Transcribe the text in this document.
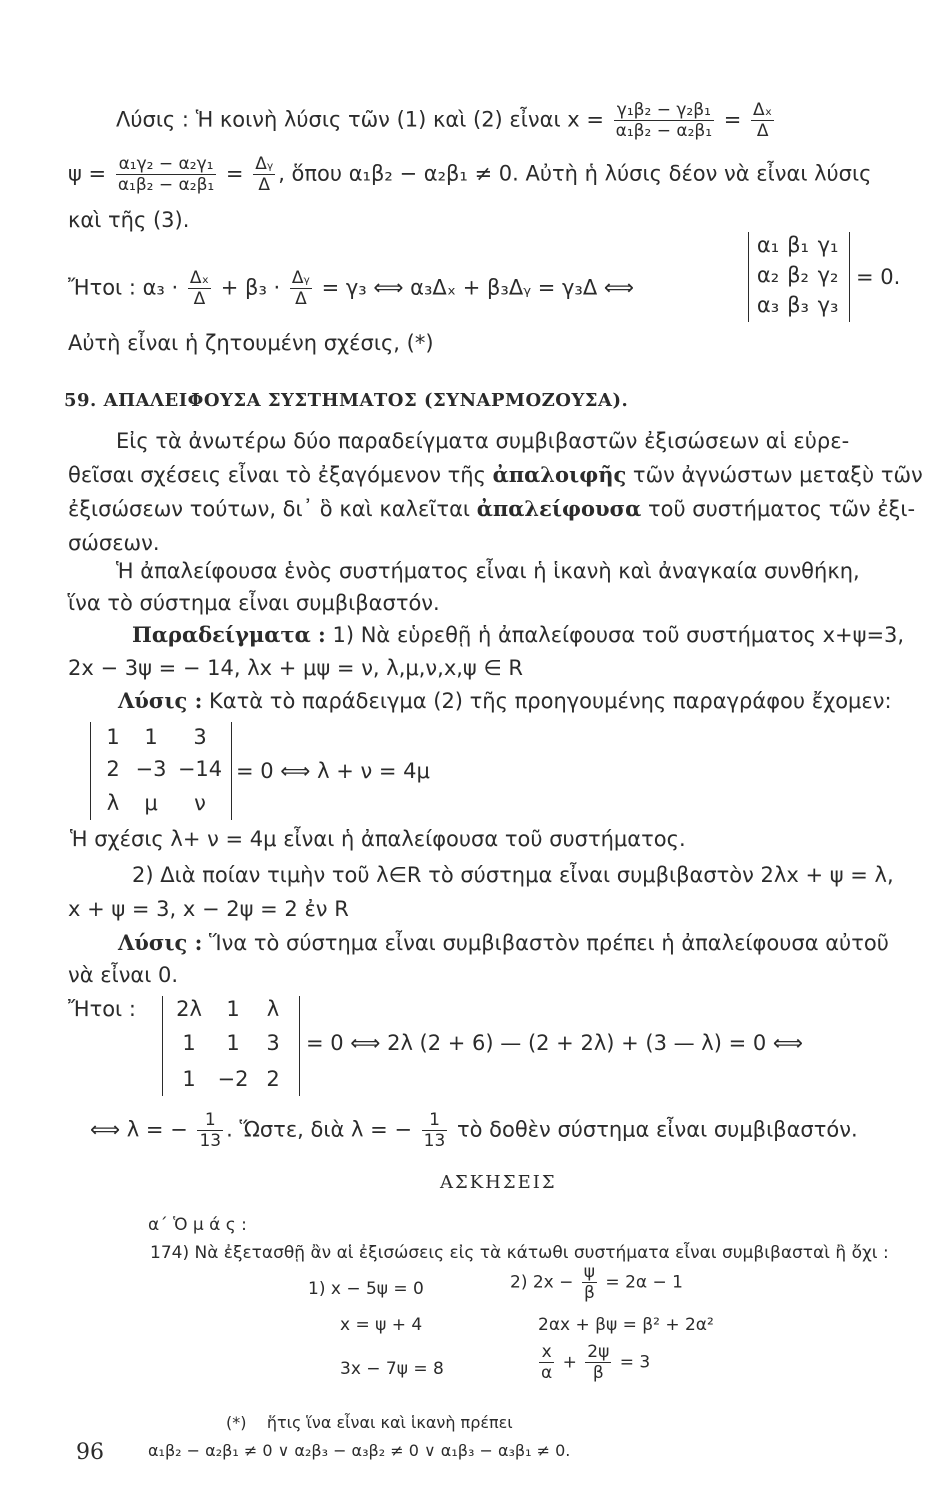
Λύσις : Ἡ κοινὴ λύσις τῶν (1) καὶ (2) εἶναι $x = \frac{\text{γ₁β₂ − γ₂β₁}}{\text{α₁β₂ − α₂β₁}} = \frac{\text{Δₓ}}{\Delta}$
$\psi = \frac{\text{α₁γ₂ − α₂γ₁}}{\text{α₁β₂ − α₂β₁}} = \frac{\text{Δᵧ}}{\Delta}$ , ὅπου α₁β₂ − α₂β₁ ≠ 0. Αὐτὴ ἡ λύσις δέον νὰ εἶναι λύσις
καὶ τῆς (3).
Ἤτοι : $\alpha_3 \cdot \frac{\text{Δₓ}}{\Delta} + \beta_3 \cdot \frac{\text{Δᵧ}}{\Delta} = \gamma_3$ ⟺ α₃Δₓ + β₃Δᵧ = γ₃Δ ⟺
α₁ β₁ γ₁
α₂ β₂ γ₂
α₃ β₃ γ₃
= 0.
Αὐτὴ εἶναι ἡ ζητουμένη σχέσις, (*)
59. ΑΠΑΛΕΙΦΟΥΣΑ ΣΥΣΤΗΜΑΤΟΣ (ΣΥΝΑΡΜΟΖΟΥΣΑ).
Εἰς τὰ ἀνωτέρω δύο παραδείγματα συμβιβαστῶν ἐξισώσεων αἱ εὑρε-
θεῖσαι σχέσεις εἶναι τὸ ἐξαγόμενον τῆς ἀπαλοιφῆς τῶν ἀγνώστων μεταξὺ τῶν
ἐξισώσεων τούτων, δι᾽ ὃ καὶ καλεῖται ἀπαλείφουσα τοῦ συστήματος τῶν ἐξι-
σώσεων.
Ἡ ἀπαλείφουσα ἑνὸς συστήματος εἶναι ἡ ἱκανὴ καὶ ἀναγκαία συνθήκη,
ἵνα τὸ σύστημα εἶναι συμβιβαστόν.
Παραδείγματα : 1) Νὰ εὑρεθῇ ἡ ἀπαλείφουσα τοῦ συστήματος x+ψ=3,
2x − 3ψ = − 14, λx + μψ = ν, λ,μ,ν,x,ψ ∈ R
Λύσις : Κατὰ τὸ παράδειγμα (2) τῆς προηγουμένης παραγράφου ἔχομεν:
1	1	3
2 −3 −14
λ	μ	ν
= 0 ⟺ λ + ν = 4μ
Ἡ σχέσις λ+ ν = 4μ εἶναι ἡ ἀπαλείφουσα τοῦ συστήματος.
2) Διὰ ποίαν τιμὴν τοῦ λ∈R τὸ σύστημα εἶναι συμβιβαστὸν 2λx + ψ = λ,
x + ψ = 3, x − 2ψ = 2 ἐν R
Λύσις : Ἵνα τὸ σύστημα εἶναι συμβιβαστὸν πρέπει ἡ ἀπαλείφουσα αὐτοῦ
νὰ εἶναι 0.
Ἤτοι :	2λ	1	λ
1	1	3
1	−2 2
= 0 ⟺ 2λ (2 + 6) — (2 + 2λ) + (3 — λ) = 0 ⟺
⟺ λ = − $\frac{1}{13}$ . Ὥστε, διὰ λ = − $\frac{1}{13}$ τὸ δοθὲν σύστημα εἶναι συμβιβαστόν.
ΑΣΚΗΣΕΙΣ
α΄ Ὁ μ ά ς :
174) Νὰ ἐξετασθῇ ἂν αἱ ἐξισώσεις εἰς τὰ κάτωθι συστήματα εἶναι συμβιβασταὶ ἢ ὄχι :
1) x − 5ψ = 0
x = ψ + 4
3x − 7ψ = 8
2) $2x - \frac{\psi}{\beta} = 2\alpha - 1$
2αx + βψ = β² + 2α²
$\frac{x}{\alpha} + \frac{2\psi}{\beta} = 3$
(*) ἥτις ἵνα εἶναι καὶ ἱκανὴ πρέπει
α₁β₂ − α₂β₁ ≠ 0 ∨ α₂β₃ − α₃β₂ ≠ 0 ∨ α₁β₃ − α₃β₁ ≠ 0.
96
